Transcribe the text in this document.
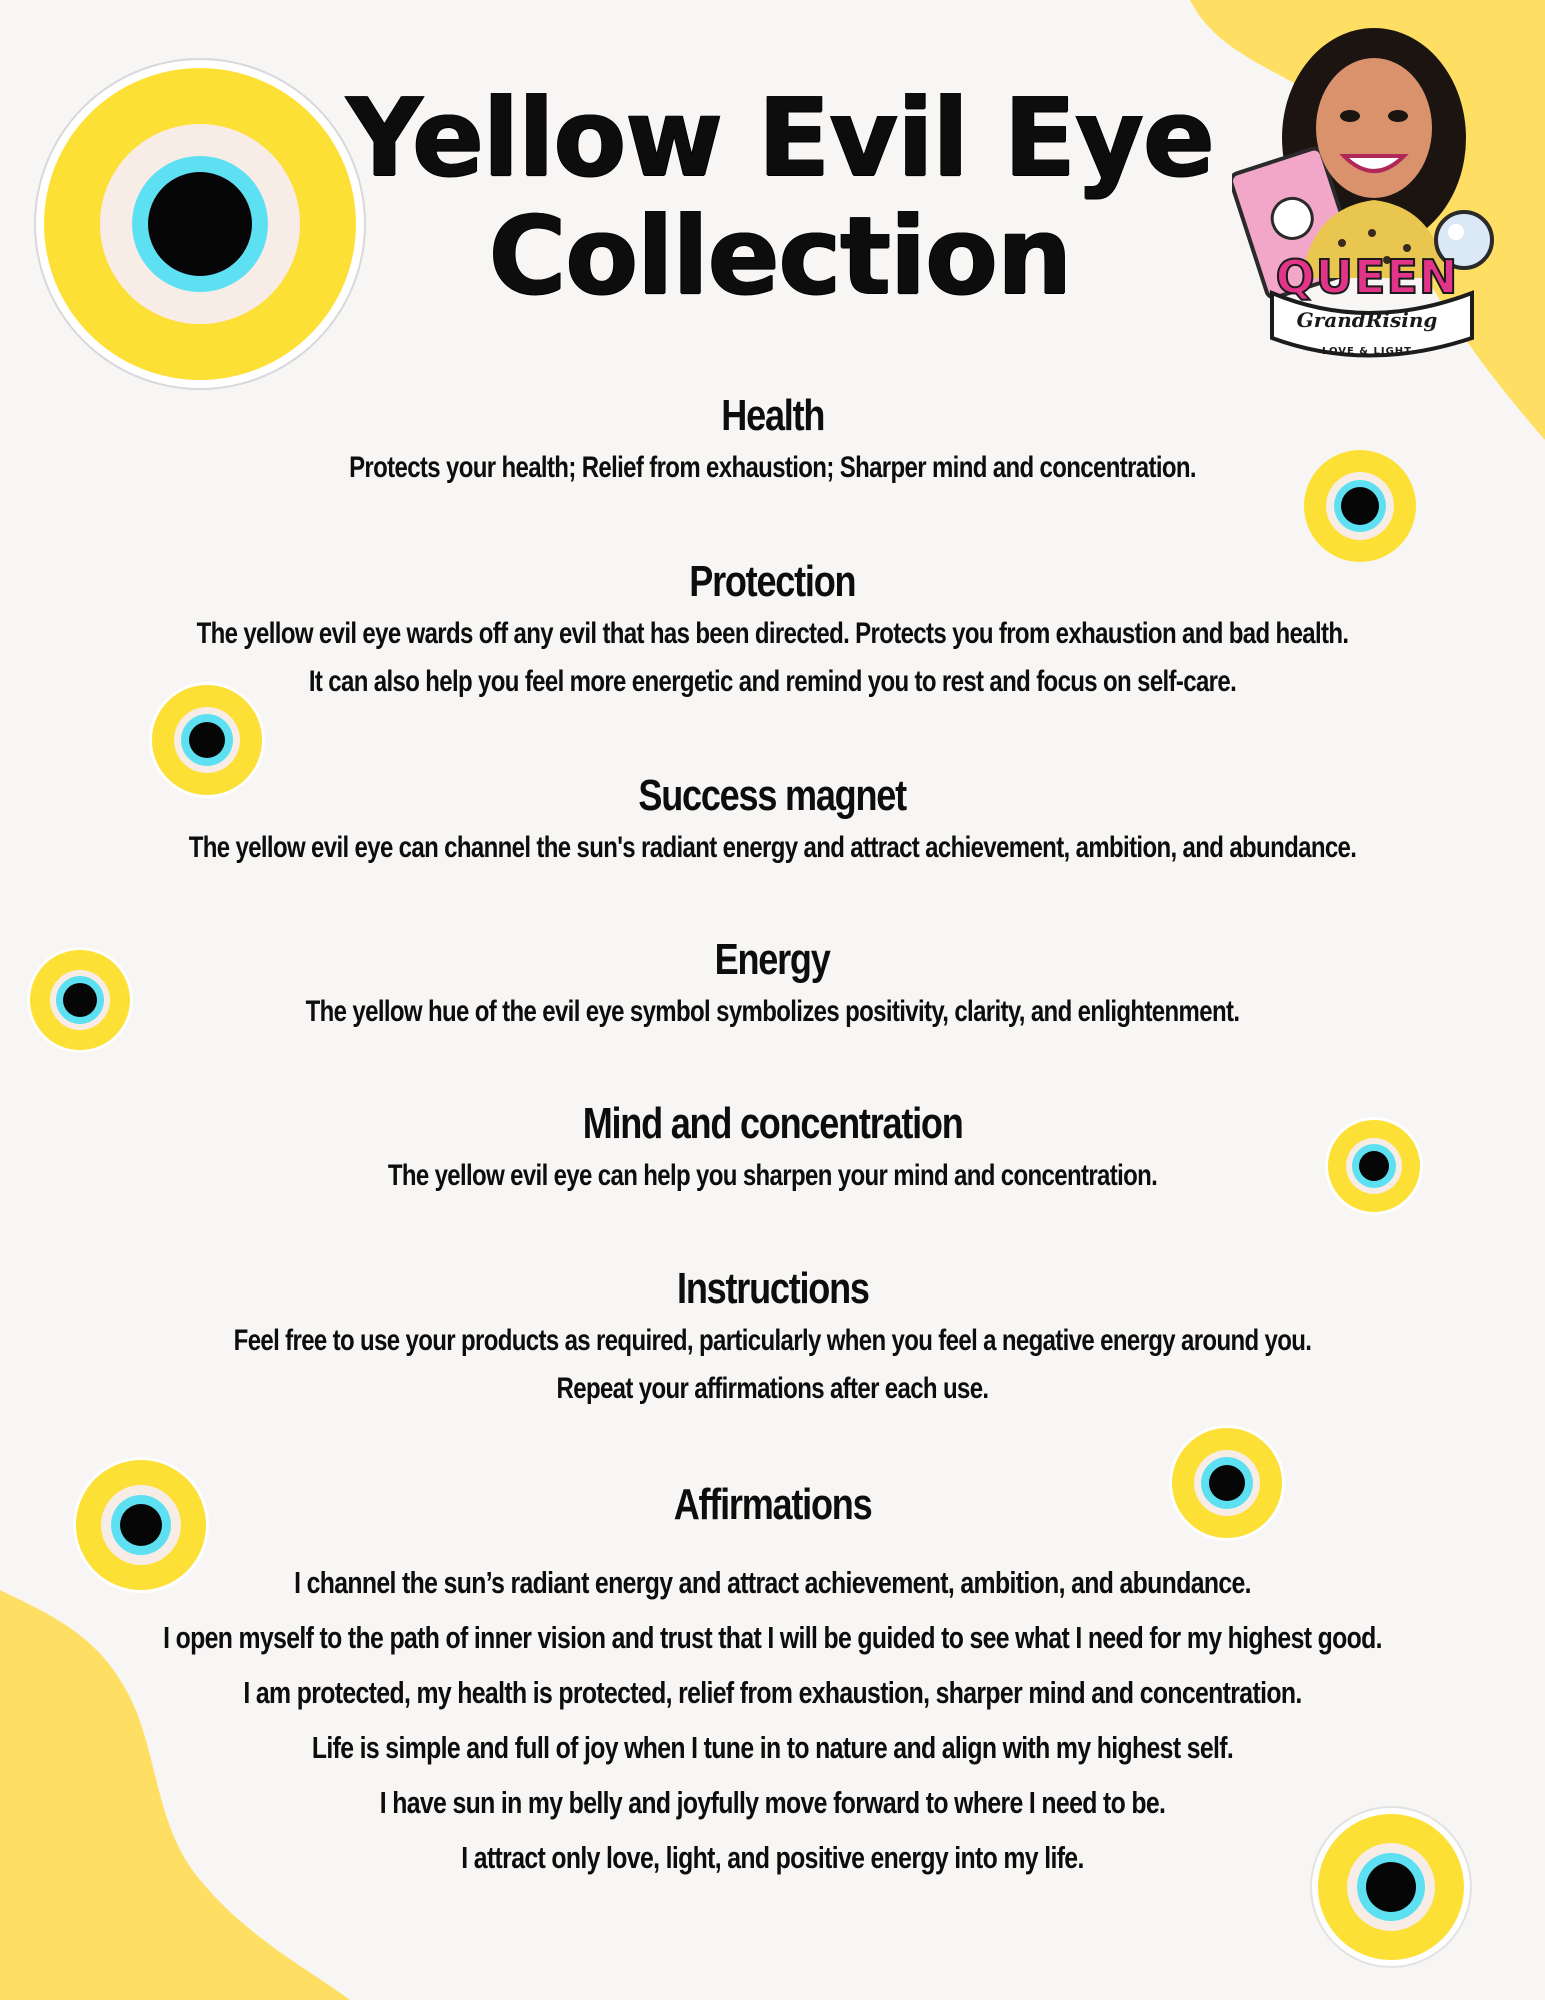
Yellow Evil Eye
Collection	QUEEN
GrandRising
LOVE & LIGHT
Health

Protects your health; Relief from exhaustion; Sharper mind and concentration.

Protection

The yellow evil eye wards off any evil that has been directed. Protects you from exhaustion and bad health.

It can also help you feel more energetic and remind you to rest and focus on self-care.

Success magnet

The yellow evil eye can channel the sun's radiant energy and attract achievement, ambition, and abundance.

Energy

The yellow hue of the evil eye symbol symbolizes positivity, clarity, and enlightenment.

Mind and concentration

The yellow evil eye can help you sharpen your mind and concentration.

Instructions

Feel free to use your products as required, particularly when you feel a negative energy around you.

Repeat your affirmations after each use.

Affirmations

I channel the sun’s radiant energy and attract achievement, ambition, and abundance.

I open myself to the path of inner vision and trust that I will be guided to see what I need for my highest good.

I am protected, my health is protected, relief from exhaustion, sharper mind and concentration.

Life is simple and full of joy when I tune in to nature and align with my highest self.

I have sun in my belly and joyfully move forward to where I need to be.

I attract only love, light, and positive energy into my life.
